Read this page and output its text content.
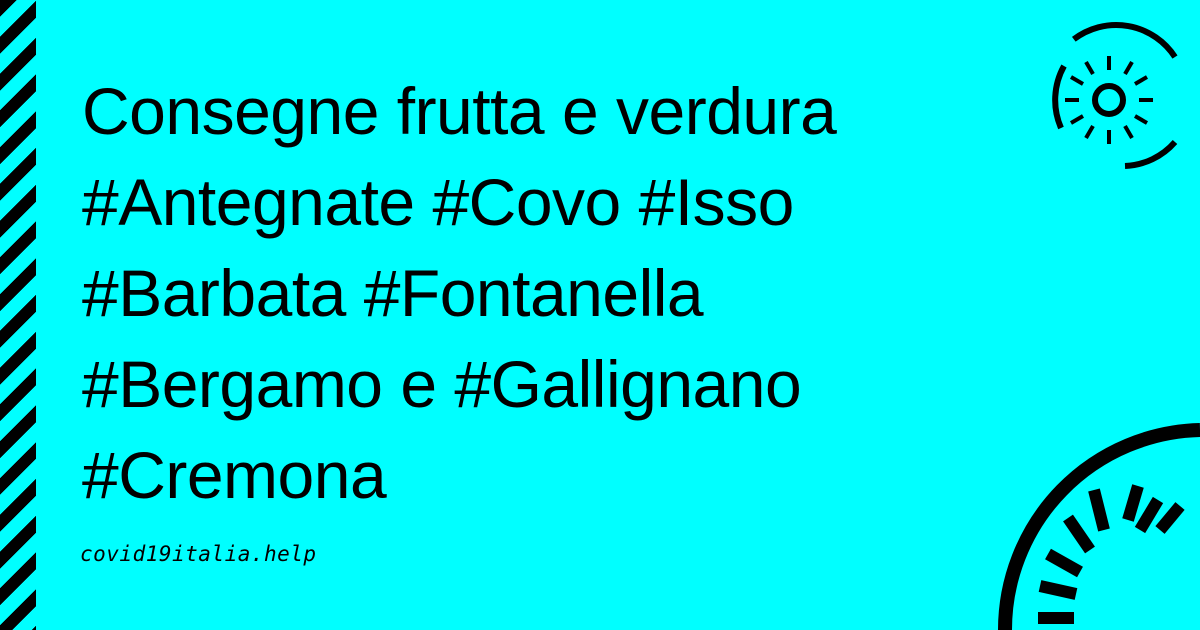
Consegne frutta e verdura
#Antegnate #Covo #Isso
#Barbata #Fontanella
#Bergamo e #Gallignano
#Cremona
covid19italia.help
